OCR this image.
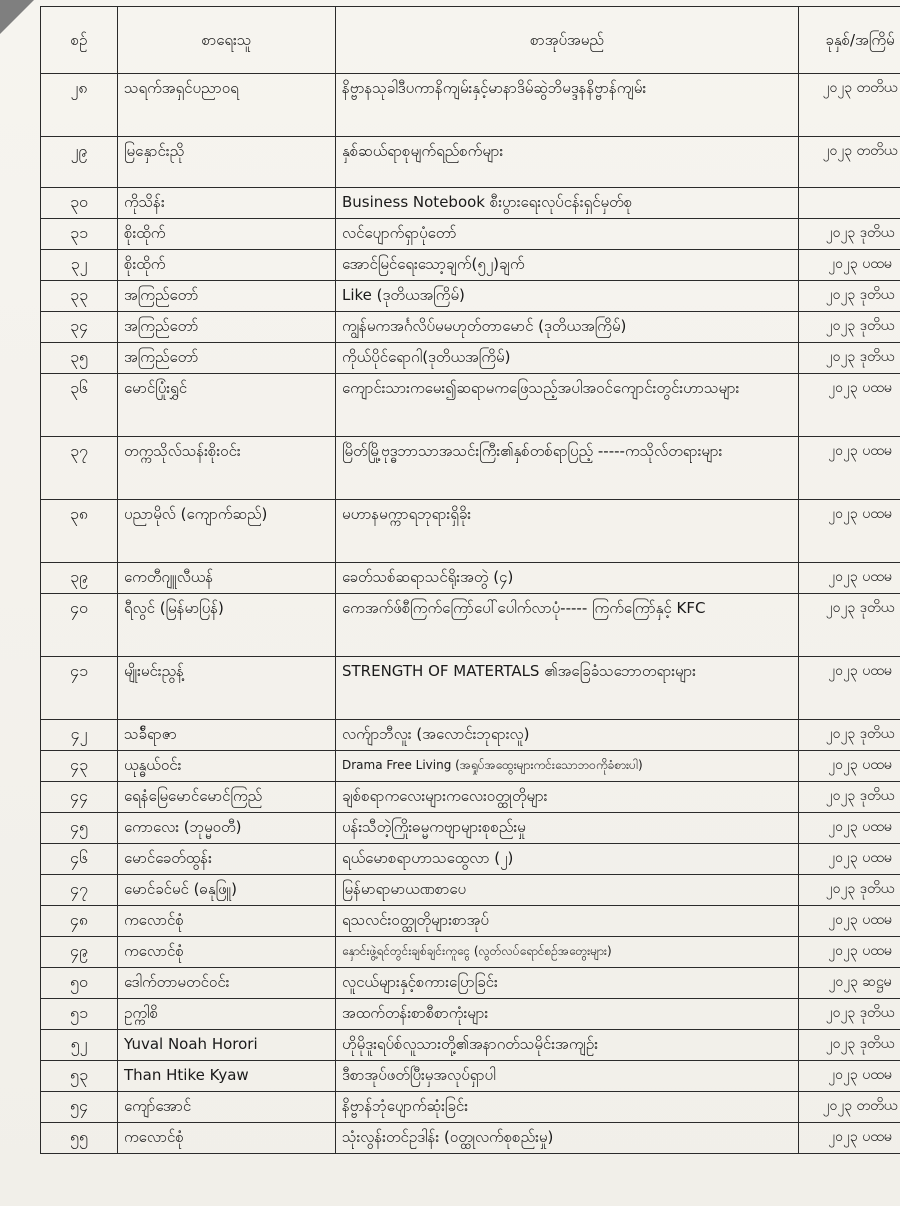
စဉ်	စာရေးသူ	စာအုပ်အမည်	ခုနှစ်/အကြိမ်
၂၈	သရက်အရှင်ပညာဝရ	နိဗ္ဗာနသုခါဒီပကာနိကျမ်းနှင့်မာနာဒိမ်ဆွဲဘိမဒ္ဒနနိဗ္ဗာန်ကျမ်း	၂၀၂၃ တတိယ
၂၉	မြနှောင်းညို	နှစ်ဆယ်ရာစုမျက်ရည်စက်များ	၂၀၂၃ တတိယ
၃၀	ကိုသိန်း	Business Notebook စီးပွားရေးလုပ်ငန်းရှင်မှတ်စု	
၃၁	စိုးထိုက်	လင်ပျောက်ရှာပုံတော်	၂၀၂၃ ဒုတိယ
၃၂	စိုးထိုက်	အောင်မြင်ရေးသော့ချက်(၅၂)ချက်	၂၀၂၃ ပထမ
၃၃	အကြည်တော်	Like (ဒုတိယအကြိမ်)	၂၀၂၃ ဒုတိယ
၃၄	အကြည်တော်	ကျွန်မကအင်္ဂလိပ်မမဟုတ်တာမောင် (ဒုတိယအကြိမ်)	၂၀၂၃ ဒုတိယ
၃၅	အကြည်တော်	ကိုယ်ပိုင်ရောဂါ(ဒုတိယအကြိမ်)	၂၀၂၃ ဒုတိယ
၃၆	မောင်ပြုံးရွှင်	ကျောင်းသားကမေး၍ဆရာမကဖြေသည့်အပါအဝင်ကျောင်းတွင်းဟာသများ	၂၀၂၃ ပထမ
၃၇	တက္ကသိုလ်သန်းစိုးဝင်း	မြိတ်မြို့ဗုဒ္ဓဘာသာအသင်းကြီး၏နှစ်တစ်ရာပြည့် -----ကသိုလ်တရားများ	၂၀၂၃ ပထမ
၃၈	ပညာမိုလ် (ကျောက်ဆည်)	မဟာနမက္ကာရဘုရားရှိခိုး	၂၀၂၃ ပထမ
၃၉	ကေတီဂျူလီယန်	ခေတ်သစ်ဆရာသင်ရိုးအတွဲ (၄)	၂၀၂၃ ပထမ
၄၀	ရီလွင် (မြန်မာပြန်)	ကေအက်ဖ်စီကြက်ကြော်ပေါ်ပေါက်လာပုံ----- ကြက်ကြော်နှင့် KFC	၂၀၂၃ ဒုတိယ
၄၁	မျိုးမင်းညွန့်	STRENGTH OF MATERTALS ၏အခြေခံသဘောတရားများ	၂၀၂၃ ပထမ
၄၂	သခ်ီရာဇာ	လက်ျာဘီလူး (အလောင်းဘုရားလူ)	၂၀၂၃ ဒုတိယ
၄၃	ယုန္ဓယ်ဝင်း	Drama Free Living (အရှုပ်အထွေးများကင်းသောဘဝကိုခံစားပါ)	၂၀၂၃ ပထမ
၄၄	ရေနံမြေမောင်မောင်ကြည်	ချစ်စရာကလေးများကလေးဝတ္ထုတိုများ	၂၀၂၃ ဒုတိယ
၄၅	ကောလေး (ဘုမ္မဝတီ)	ပန်းသီတဲ့ကြိုးဓမ္မကဗျာများစုစည်းမှု	၂၀၂၃ ပထမ
၄၆	မောင်ခေတ်ထွန်း	ရယ်မောစရာဟာသထွေလာ (၂)	၂၀၂၃ ပထမ
၄၇	မောင်ခင်မင် (ဓနုဖြူ)	မြန်မာရာမာယဏစာပေ	၂၀၂၃ ဒုတိယ
၄၈	ကလောင်စုံ	ရသလင်းဝတ္ထုတိုများစာအုပ်	၂၀၂၃ ပထမ
၄၉	ကလောင်စုံ	နှောင်းဖွဲ့ရင်တွင်းချစ်ချင်းကူငွေ (လွတ်လပ်ရောင်စဉ်အတွေးများ)	၂၀၂၃ ပထမ
၅၀	ဒေါက်တာမတင်ဝင်း	လူငယ်များနှင့်စကားပြောခြင်း	၂၀၂၃ ဆဋ္ဌမ
၅၁	ဥက္ကါစိ	အထက်တန်းစာစီစာကုံးများ	၂၀၂၃ ဒုတိယ
၅၂	Yuval Noah Horori	ဟိုမိုဒူးရပ်စ်လူသားတို့၏အနာဂတ်သမိုင်းအကျဉ်း	၂၀၂၃ ဒုတိယ
၅၃	Than Htike Kyaw	ဒီစာအုပ်ဖတ်ပြီးမှအလုပ်ရှာပါ	၂၀၂၃ ပထမ
၅၄	ကျော်အောင်	နိဗ္ဗာန်ဘုံပျောက်ဆုံးခြင်း	၂၀၂၃ တတိယ
၅၅	ကလောင်စုံ	သုံးလွန်းတင်ဥဒါန်း (ဝတ္ထုလက်စုစည်းမှု)	၂၀၂၃ ပထမ
